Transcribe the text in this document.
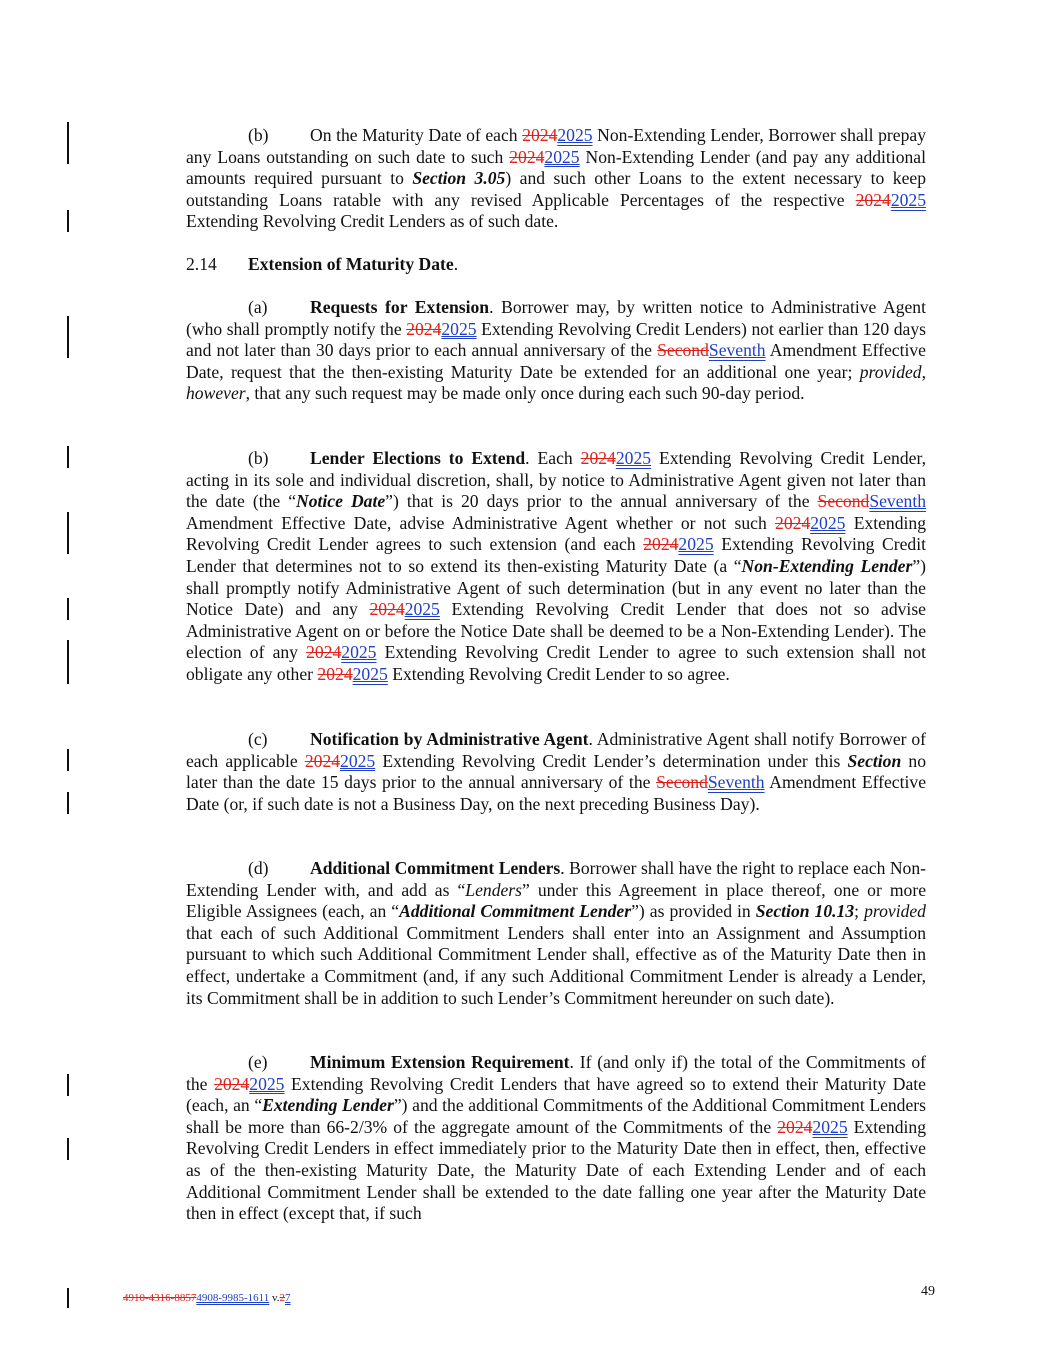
(b) On the Maturity Date of each 20242025 Non-Extending Lender, Borrower shall prepay any Loans outstanding on such date to such 20242025 Non-Extending Lender (and pay any additional amounts required pursuant to Section 3.05) and such other Loans to the extent necessary to keep outstanding Loans ratable with any revised Applicable Percentages of the respective 20242025 Extending Revolving Credit Lenders as of such date.

2.14 Extension of Maturity Date.

(a) Requests for Extension. Borrower may, by written notice to Administrative Agent (who shall promptly notify the 20242025 Extending Revolving Credit Lenders) not earlier than 120 days and not later than 30 days prior to each annual anniversary of the SecondSeventh Amendment Effective Date, request that the then-existing Maturity Date be extended for an additional one year; provided, however, that any such request may be made only once during each such 90-day period.

(b) Lender Elections to Extend. Each 20242025 Extending Revolving Credit Lender, acting in its sole and individual discretion, shall, by notice to Administrative Agent given not later than the date (the “Notice Date”) that is 20 days prior to the annual anniversary of the SecondSeventh Amendment Effective Date, advise Administrative Agent whether or not such 20242025 Extending Revolving Credit Lender agrees to such extension (and each 20242025 Extending Revolving Credit Lender that determines not to so extend its then-existing Maturity Date (a “Non-Extending Lender”) shall promptly notify Administrative Agent of such determination (but in any event no later than the Notice Date) and any 20242025 Extending Revolving Credit Lender that does not so advise Administrative Agent on or before the Notice Date shall be deemed to be a Non-Extending Lender). The election of any 20242025 Extending Revolving Credit Lender to agree to such extension shall not obligate any other 20242025 Extending Revolving Credit Lender to so agree.

(c) Notification by Administrative Agent. Administrative Agent shall notify Borrower of each applicable 20242025 Extending Revolving Credit Lender’s determination under this Section no later than the date 15 days prior to the annual anniversary of the SecondSeventh Amendment Effective Date (or, if such date is not a Business Day, on the next preceding Business Day).

(d) Additional Commitment Lenders. Borrower shall have the right to replace each Non-Extending Lender with, and add as “Lenders” under this Agreement in place thereof, one or more Eligible Assignees (each, an “Additional Commitment Lender”) as provided in Section 10.13; provided that each of such Additional Commitment Lenders shall enter into an Assignment and Assumption pursuant to which such Additional Commitment Lender shall, effective as of the Maturity Date then in effect, undertake a Commitment (and, if any such Additional Commitment Lender is already a Lender, its Commitment shall be in addition to such Lender’s Commitment hereunder on such date).

(e) Minimum Extension Requirement. If (and only if) the total of the Commitments of the 20242025 Extending Revolving Credit Lenders that have agreed so to extend their Maturity Date (each, an “Extending Lender”) and the additional Commitments of the Additional Commitment Lenders shall be more than 66-2/3% of the aggregate amount of the Commitments of the 20242025 Extending Revolving Credit Lenders in effect immediately prior to the Maturity Date then in effect, then, effective as of the then-existing Maturity Date, the Maturity Date of each Extending Lender and of each Additional Commitment Lender shall be extended to the date falling one year after the Maturity Date then in effect (except that, if such

4910-4316-88574908-9985-1611 v.27	49
